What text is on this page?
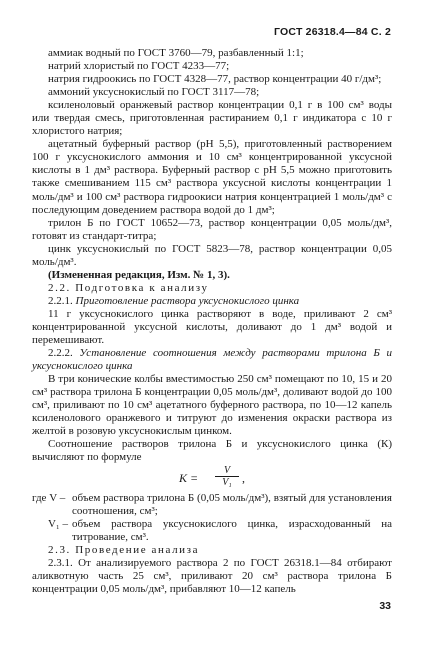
ГОСТ 26318.4—84 С. 2

аммиак водный по ГОСТ 3760—79, разбавленный 1:1;

натрий хлористый по ГОСТ 4233—77;

натрия гидроокись по ГОСТ 4328—77, раствор концентрации 40 г/дм³;

аммоний уксуснокислый по ГОСТ 3117—78;

ксиленоловый оранжевый раствор концентрации 0,1 г в 100 см³ воды или твердая смесь, приготовленная растиранием 0,1 г индикатора с 10 г хлористого натрия;

ацетатный буферный раствор (рН 5,5), приготовленный растворением 100 г уксуснокислого аммония и 10 см³ концентрированной уксусной кислоты в 1 дм³ раствора. Буферный раствор с рН 5,5 можно приготовить также смешиванием 115 см³ раствора уксусной кислоты концентрации 1 моль/дм³ и 100 см³ раствора гидроокиси натрия концентрацией 1 моль/дм³ с последующим доведением раствора водой до 1 дм³;

трилон Б по ГОСТ 10652—73, раствор концентрации 0,05 моль/дм³, готовят из стандарт-титра;

цинк уксуснокислый по ГОСТ 5823—78, раствор концентрации 0,05 моль/дм³.

(Измененная редакция, Изм. № 1, 3).

2.2. Подготовка к анализу

2.2.1. Приготовление раствора уксуснокислого цинка

11 г уксуснокислого цинка растворяют в воде, приливают 2 см³ концентрированной уксусной кислоты, доливают до 1 дм³ водой и перемешивают.

2.2.2. Установление соотношения между растворами трилона Б и уксуснокислого цинка

В три конические колбы вместимостью 250 см³ помещают по 10, 15 и 20 см³ раствора трилона Б концентрации 0,05 моль/дм³, доливают водой до 100 см³, приливают по 10 см³ ацетатного буферного раствора, по 10—12 капель ксиленолового оранжевого и титруют до изменения окраски раствора из желтой в розовую уксуснокислым цинком.

Соотношение растворов трилона Б и уксуснокислого цинка (К) вычисляют по формуле

$K = \frac{V}{\text{V₁}}$ ,
где V – объем раствора трилона Б (0,05 моль/дм³), взятый для установления соотношения, см³;
V₁ – объем раствора уксуснокислого цинка, израсходованный на титрование, см³.

2.3. Проведение анализа

2.3.1. От анализируемого раствора 2 по ГОСТ 26318.1—84 отбирают аликвотную часть 25 см³, приливают 20 см³ раствора трилона Б концентрации 0,05 моль/дм³, прибавляют 10—12 капель

33
